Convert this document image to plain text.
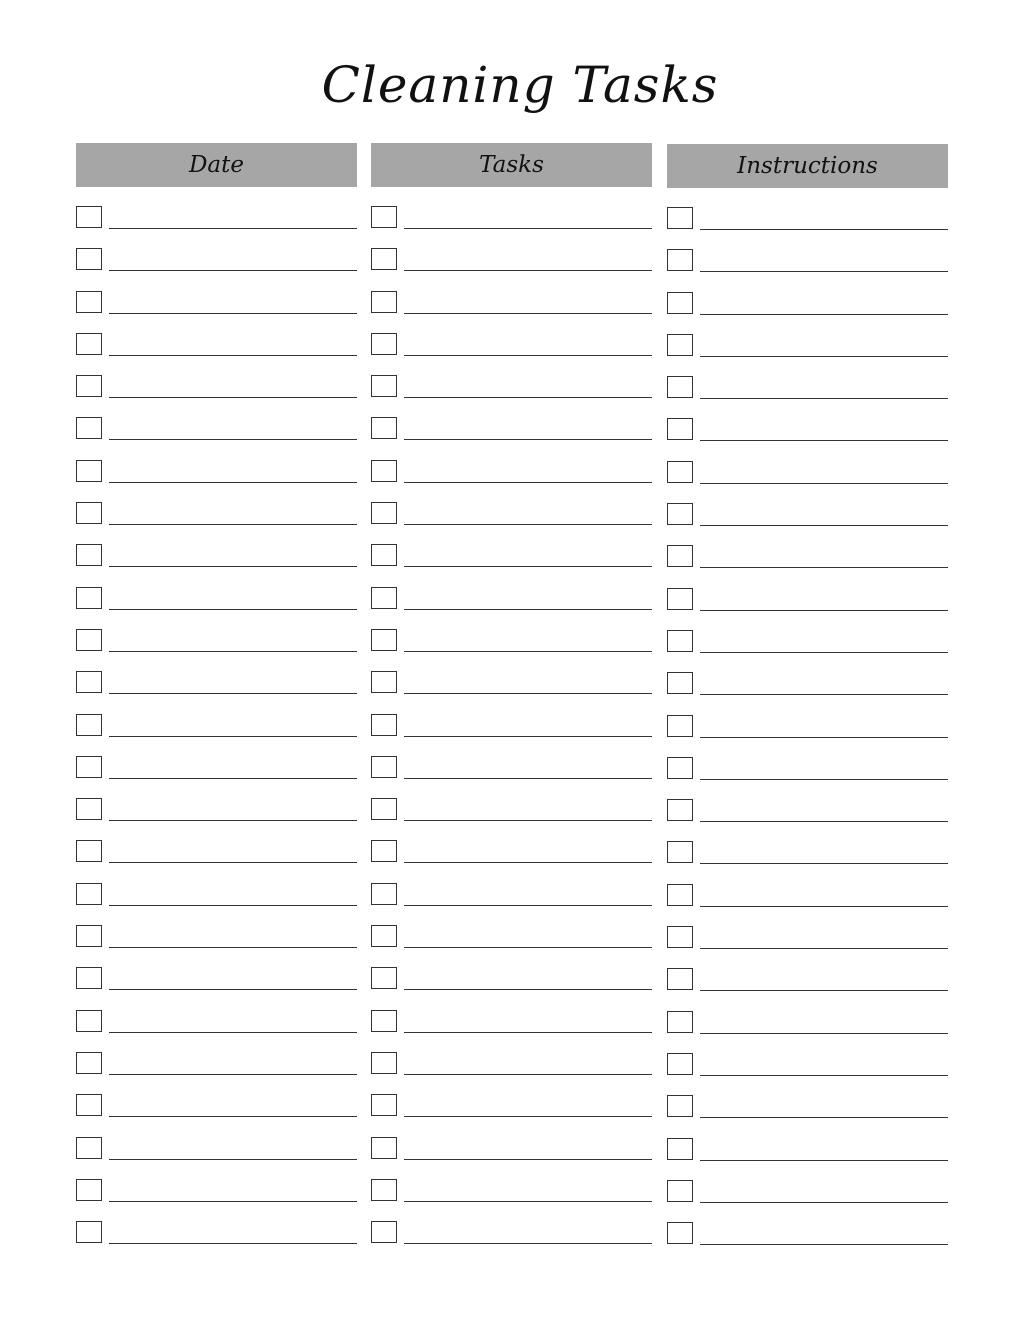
Cleaning Tasks
Date	Tasks	Instructions
